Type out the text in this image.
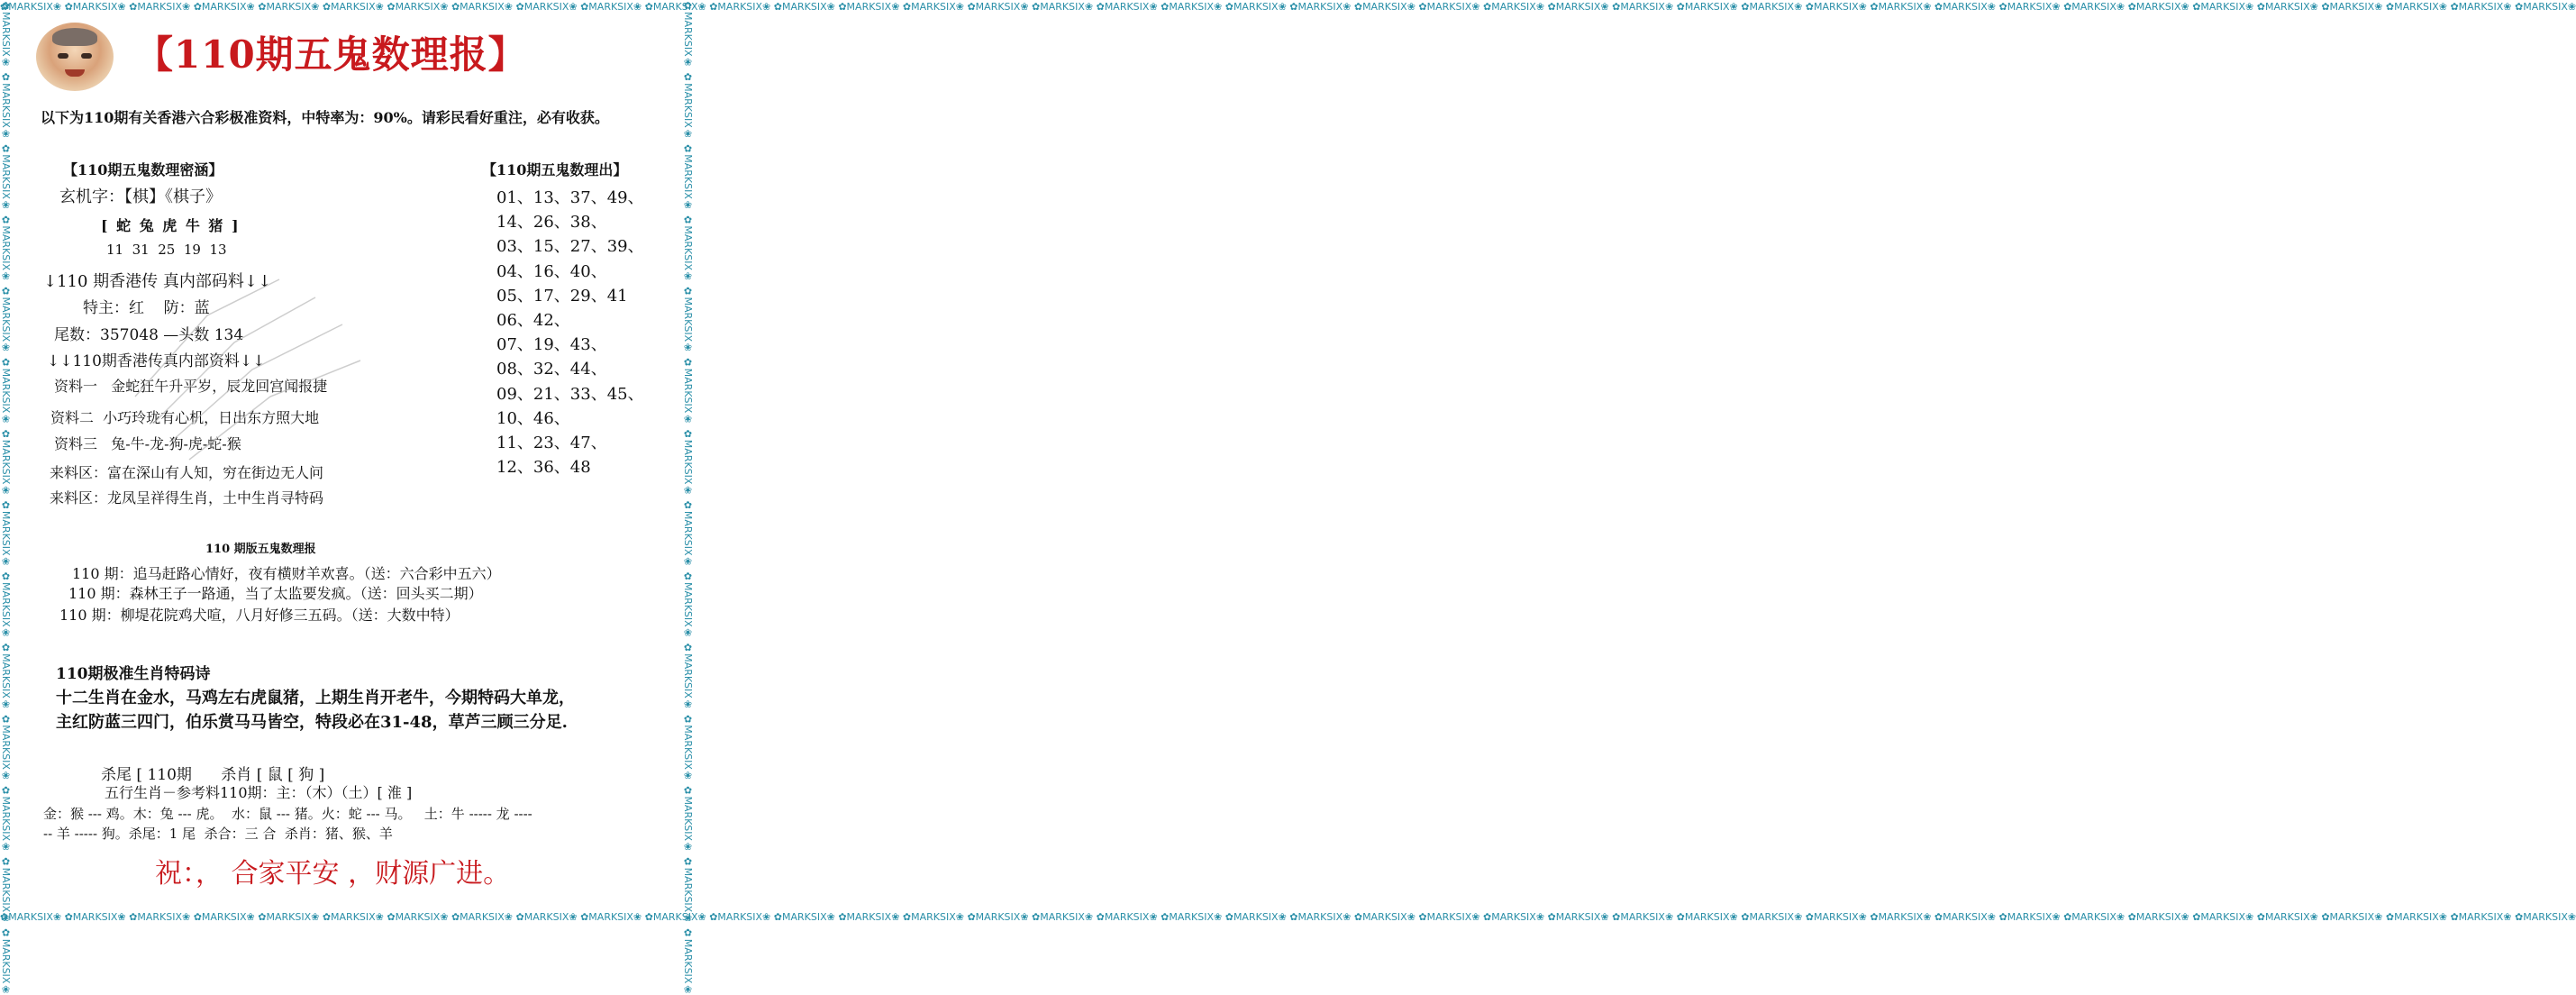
✿MARKSIX❀ ✿MARKSIX❀ ✿MARKSIX❀ ✿MARKSIX❀ ✿MARKSIX❀ ✿MARKSIX❀ ✿MARKSIX❀ ✿MARKSIX❀ ✿MARKSIX❀ ✿MARKSIX❀ ✿MARKSIX❀ ✿MARKSIX❀ ✿MARKSIX❀ ✿MARKSIX❀ ✿MARKSIX❀ ✿MARKSIX❀ ✿MARKSIX❀ ✿MARKSIX❀ ✿MARKSIX❀ ✿MARKSIX❀ ✿MARKSIX❀ ✿MARKSIX❀ ✿MARKSIX❀ ✿MARKSIX❀ ✿MARKSIX❀ ✿MARKSIX❀ ✿MARKSIX❀ ✿MARKSIX❀ ✿MARKSIX❀ ✿MARKSIX❀ ✿MARKSIX❀ ✿MARKSIX❀ ✿MARKSIX❀ ✿MARKSIX❀ ✿MARKSIX❀ ✿MARKSIX❀ ✿MARKSIX❀ ✿MARKSIX❀ ✿MARKSIX❀ ✿MARKSIX❀
✿MARKSIX❀ ✿MARKSIX❀ ✿MARKSIX❀ ✿MARKSIX❀ ✿MARKSIX❀ ✿MARKSIX❀ ✿MARKSIX❀ ✿MARKSIX❀ ✿MARKSIX❀ ✿MARKSIX❀ ✿MARKSIX❀ ✿MARKSIX❀ ✿MARKSIX❀ ✿MARKSIX❀ ✿MARKSIX❀ ✿MARKSIX❀ ✿MARKSIX❀ ✿MARKSIX❀ ✿MARKSIX❀ ✿MARKSIX❀ ✿MARKSIX❀ ✿MARKSIX❀ ✿MARKSIX❀ ✿MARKSIX❀ ✿MARKSIX❀ ✿MARKSIX❀ ✿MARKSIX❀ ✿MARKSIX❀ ✿MARKSIX❀ ✿MARKSIX❀ ✿MARKSIX❀ ✿MARKSIX❀ ✿MARKSIX❀ ✿MARKSIX❀ ✿MARKSIX❀ ✿MARKSIX❀ ✿MARKSIX❀ ✿MARKSIX❀ ✿MARKSIX❀ ✿MARKSIX❀
✿MARKSIX❀ ✿MARKSIX❀ ✿MARKSIX❀ ✿MARKSIX❀ ✿MARKSIX❀ ✿MARKSIX❀ ✿MARKSIX❀ ✿MARKSIX❀ ✿MARKSIX❀ ✿MARKSIX❀ ✿MARKSIX❀ ✿MARKSIX❀ ✿MARKSIX❀ ✿MARKSIX❀	✿MARKSIX❀ ✿MARKSIX❀ ✿MARKSIX❀ ✿MARKSIX❀ ✿MARKSIX❀ ✿MARKSIX❀ ✿MARKSIX❀ ✿MARKSIX❀ ✿MARKSIX❀ ✿MARKSIX❀ ✿MARKSIX❀ ✿MARKSIX❀ ✿MARKSIX❀ ✿MARKSIX❀
【110期五鬼数理报】
以下为110期有关香港六合彩极准资料，中特率为：90%。请彩民看好重注，必有收获。
【110期五鬼数理密涵】
玄机字：【棋】《棋子》
[ 蛇 兔 虎 牛 猪 ]
11  31  25  19  13
↓110 期香港传 真内部码料↓↓
特主：红    防：蓝
尾数：357048 —头数 134
↓↓110期香港传真内部资料↓↓
资料一   金蛇狂午升平岁，辰龙回宫闻报捷
资料二  小巧玲珑有心机，日出东方照大地
资料三   兔-牛-龙-狗-虎-蛇-猴
来料区：富在深山有人知，穷在街边无人问
来料区：龙凤呈祥得生肖，土中生肖寻特码
【110期五鬼数理出】
01、13、37、49、
14、26、38、
03、15、27、39、
04、16、40、
05、17、29、41
06、42、
07、19、43、
08、32、44、
09、21、33、45、
10、46、
11、23、47、
12、36、48
110 期版五鬼数理报
110 期：追马赶路心情好，夜有横财羊欢喜。（送：六合彩中五六）
110 期：森林王子一路通，当了太监要发疯。（送：回头买二期）
110 期：柳堤花院鸡犬喧，八月好修三五码。（送：大数中特）
110期极准生肖特码诗
十二生肖在金水，马鸡左右虎鼠猪，上期生肖开老牛，今期特码大单龙，
主红防蓝三四门，伯乐赏马马皆空，特段必在31-48，草芦三顾三分足.
杀尾 [ 110期      杀肖 [ 鼠 [ 狗 ]
五行生肖－参考料110期：主：（木）（土）[ 淮 ]
金：猴 --- 鸡。木：兔 --- 虎。  水：鼠 --- 猪。火：蛇 --- 马。   土：牛 ----- 龙 ----
-- 羊 ----- 狗。杀尾：1 尾  杀合：三 合  杀肖：猪、猴、羊
祝：， 合家平安 ，财源广进。
